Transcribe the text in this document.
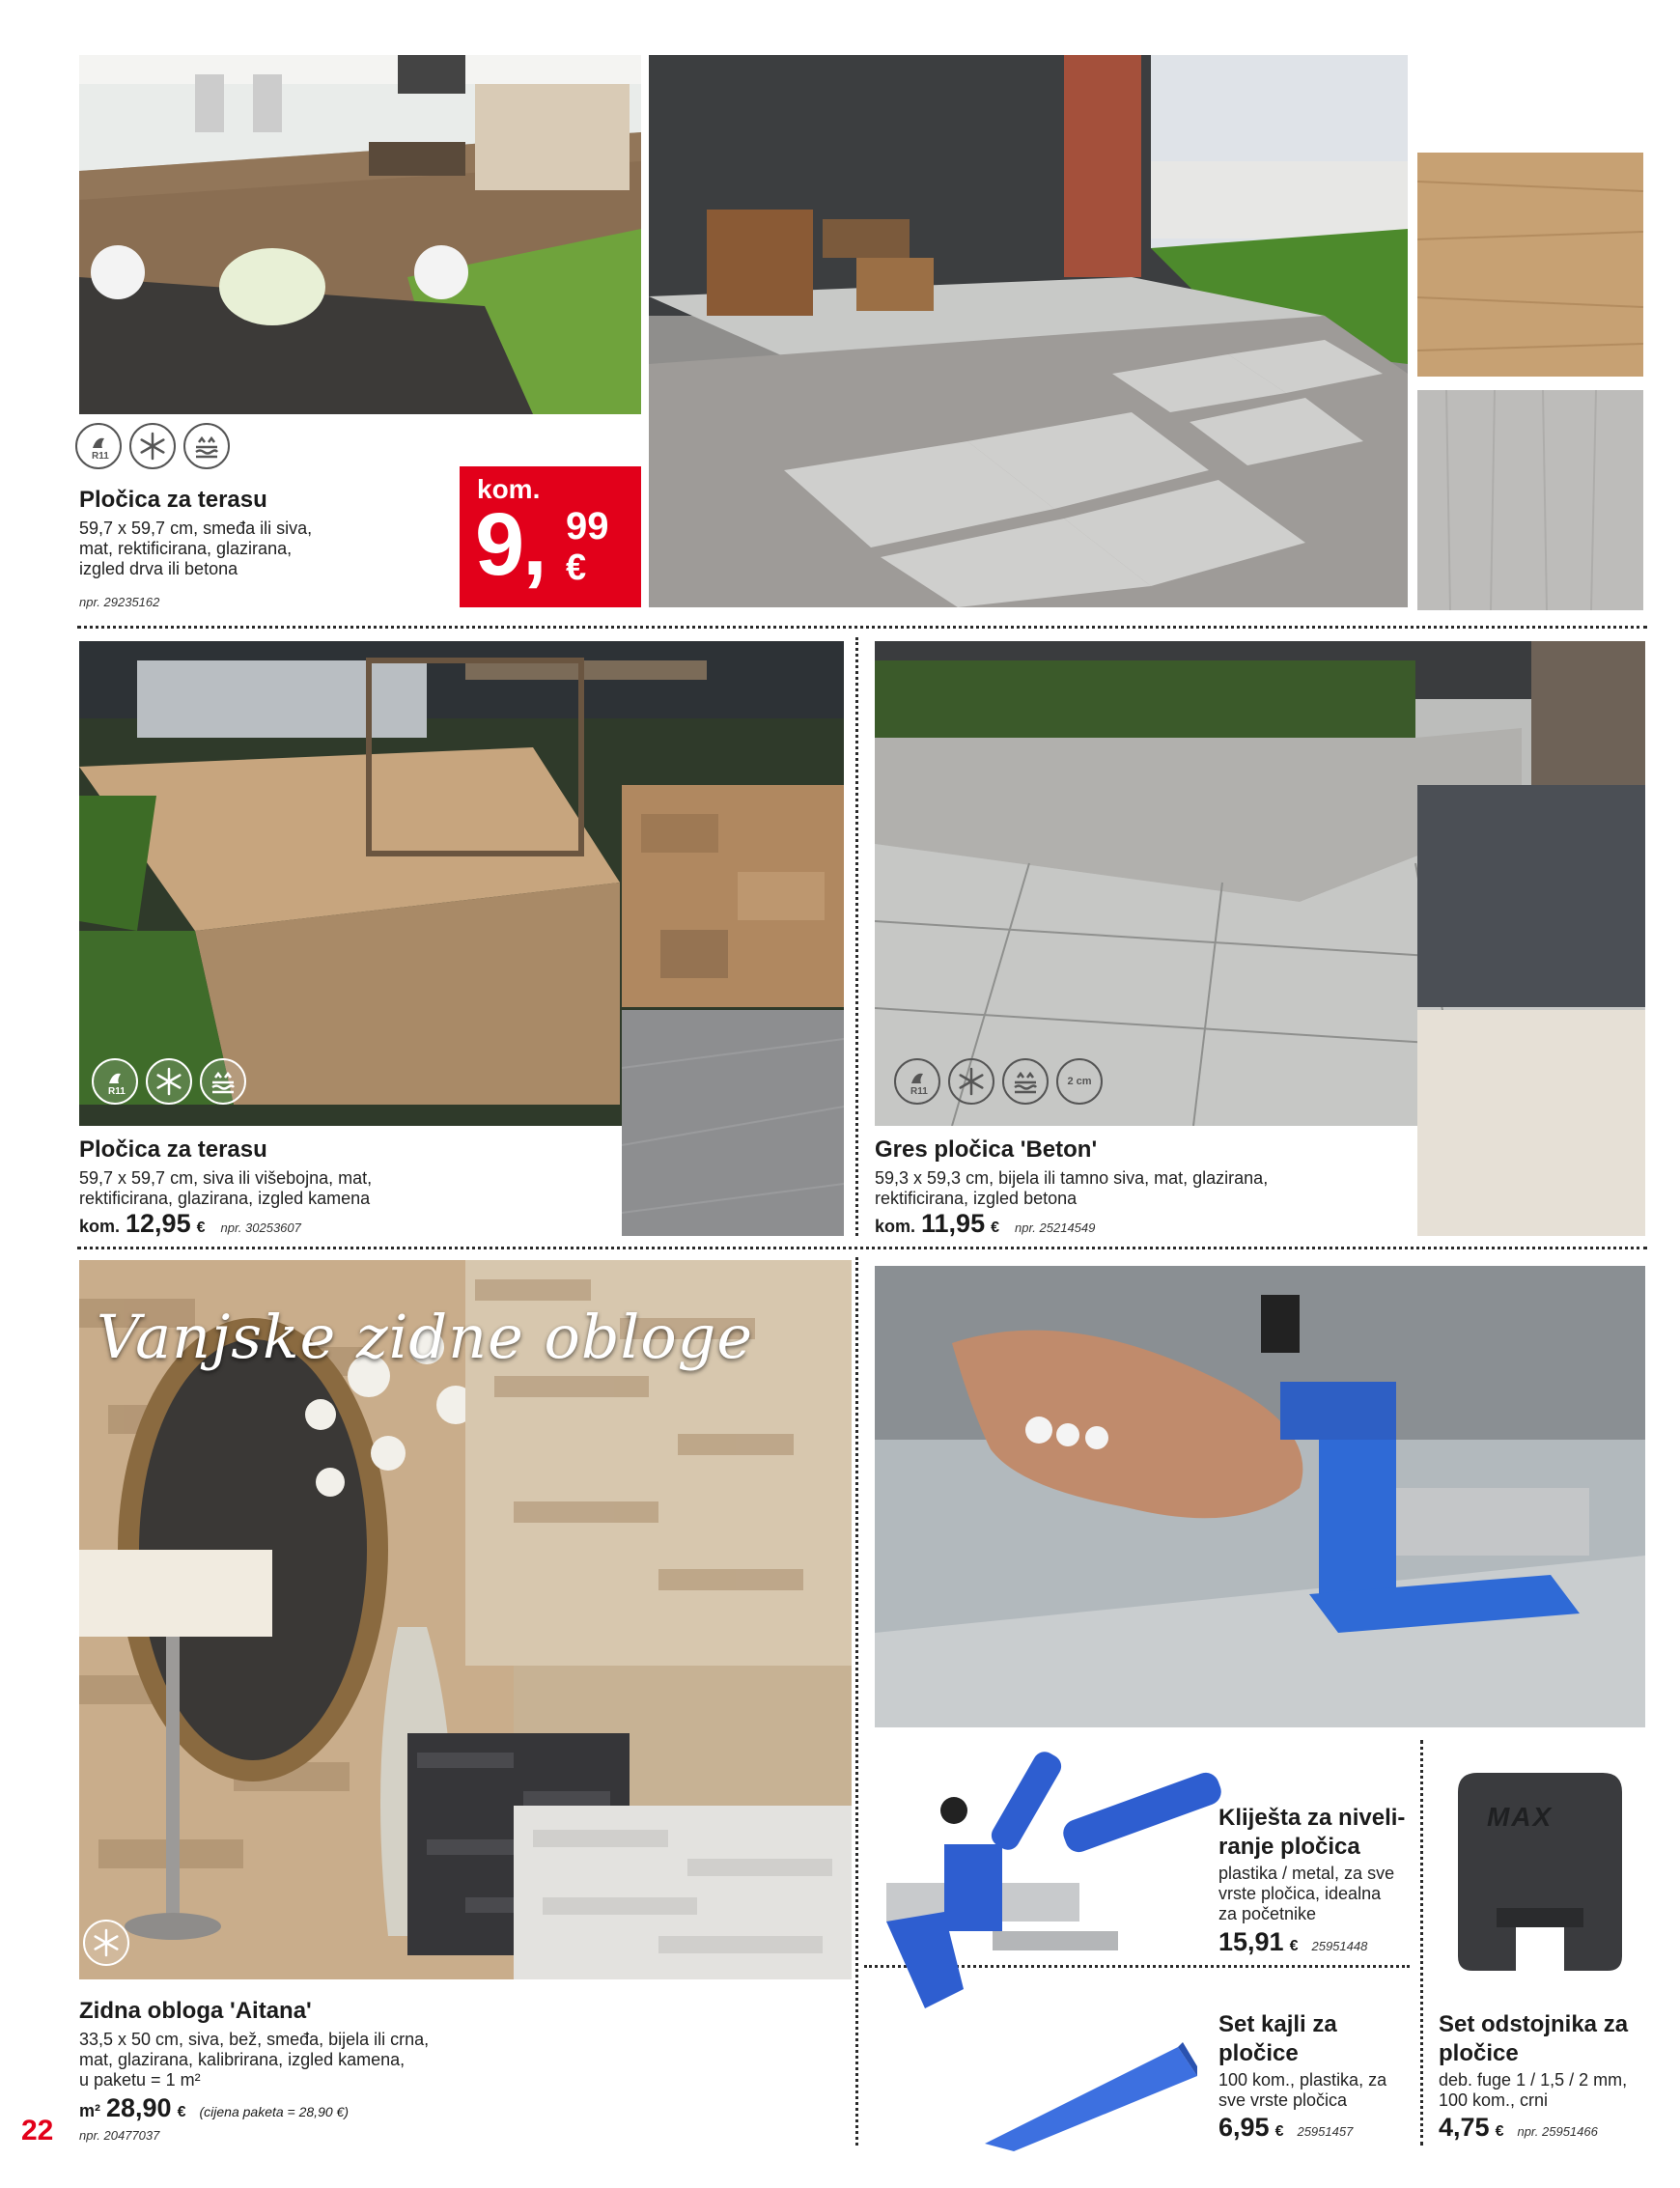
R11
Pločica za terasu
59,7 x 59,7 cm, smeđa ili siva,
mat, rektificirana, glazirana,
izgled drva ili betona
npr. 29235162
kom.
9, 99
€
R11
Pločica za terasu
59,7 x 59,7 cm, siva ili višebojna, mat,
rektificirana, glazirana, izgled kamena
kom. 12,95 € npr. 30253607
R11
2 cm
Gres pločica 'Beton'
59,3 x 59,3 cm, bijela ili tamno siva, mat, glazirana,
rektificirana, izgled betona
kom. 11,95 € npr. 25214549
Vanjske zidne obloge
Zidna obloga 'Aitana'
33,5 x 50 cm, siva, bež, smeđa, bijela ili crna,
mat, glazirana, kalibrirana, izgled kamena,
u paketu = 1 m²
m² 28,90 € (cijena paketa = 28,90 €)
npr. 20477037
22
Kliješta za niveli-
ranje pločica
plastika / metal, za sve
vrste pločica, idealna
za početnike
15,91 € 25951448
Set kajli za
pločice
100 kom., plastika, za
sve vrste pločica
6,95 € 25951457
MAX
Set odstojnika za
pločice
deb. fuge 1 / 1,5 / 2 mm,
100 kom., crni
4,75 € npr. 25951466
